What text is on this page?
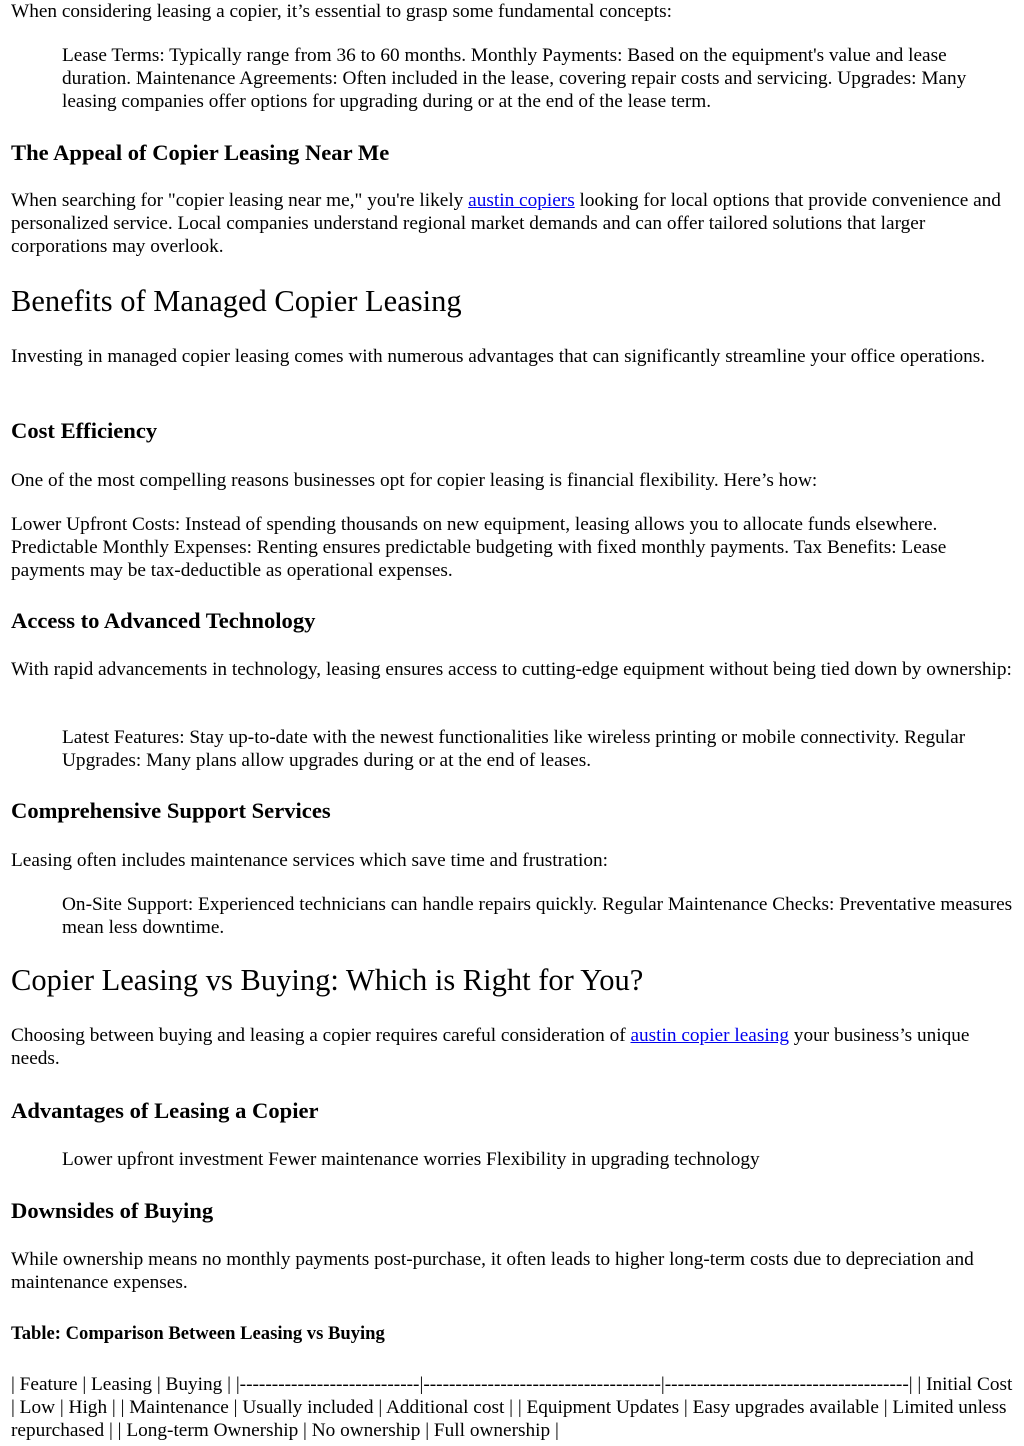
When considering leasing a copier, it’s essential to grasp some fundamental concepts:

Lease Terms: Typically range from 36 to 60 months. Monthly Payments: Based on the equipment's value and lease duration. Maintenance Agreements: Often included in the lease, covering repair costs and servicing. Upgrades: Many leasing companies offer options for upgrading during or at the end of the lease term.

The Appeal of Copier Leasing Near Me

When searching for "copier leasing near me," you're likely austin copiers looking for local options that provide convenience and personalized service. Local companies understand regional market demands and can offer tailored solutions that larger corporations may overlook.

Benefits of Managed Copier Leasing

Investing in managed copier leasing comes with numerous advantages that can significantly streamline your office operations.

Cost Efficiency

One of the most compelling reasons businesses opt for copier leasing is financial flexibility. Here’s how:

Lower Upfront Costs: Instead of spending thousands on new equipment, leasing allows you to allocate funds elsewhere. Predictable Monthly Expenses: Renting ensures predictable budgeting with fixed monthly payments. Tax Benefits: Lease payments may be tax-deductible as operational expenses.

Access to Advanced Technology

With rapid advancements in technology, leasing ensures access to cutting-edge equipment without being tied down by ownership:

Latest Features: Stay up-to-date with the newest functionalities like wireless printing or mobile connectivity. Regular Upgrades: Many plans allow upgrades during or at the end of leases.

Comprehensive Support Services

Leasing often includes maintenance services which save time and frustration:

On-Site Support: Experienced technicians can handle repairs quickly. Regular Maintenance Checks: Preventative measures mean less downtime.

Copier Leasing vs Buying: Which is Right for You?

Choosing between buying and leasing a copier requires careful consideration of austin copier leasing your business’s unique needs.

Advantages of Leasing a Copier

Lower upfront investment Fewer maintenance worries Flexibility in upgrading technology

Downsides of Buying

While ownership means no monthly payments post-purchase, it often leads to higher long-term costs due to depreciation and maintenance expenses.

Table: Comparison Between Leasing vs Buying

| Feature | Leasing | Buying | |----------------------------|-------------------------------------|--------------------------------------| | Initial Cost | Low | High | | Maintenance | Usually included | Additional cost | | Equipment Updates | Easy upgrades available | Limited unless repurchased | | Long-term Ownership | No ownership | Full ownership |
